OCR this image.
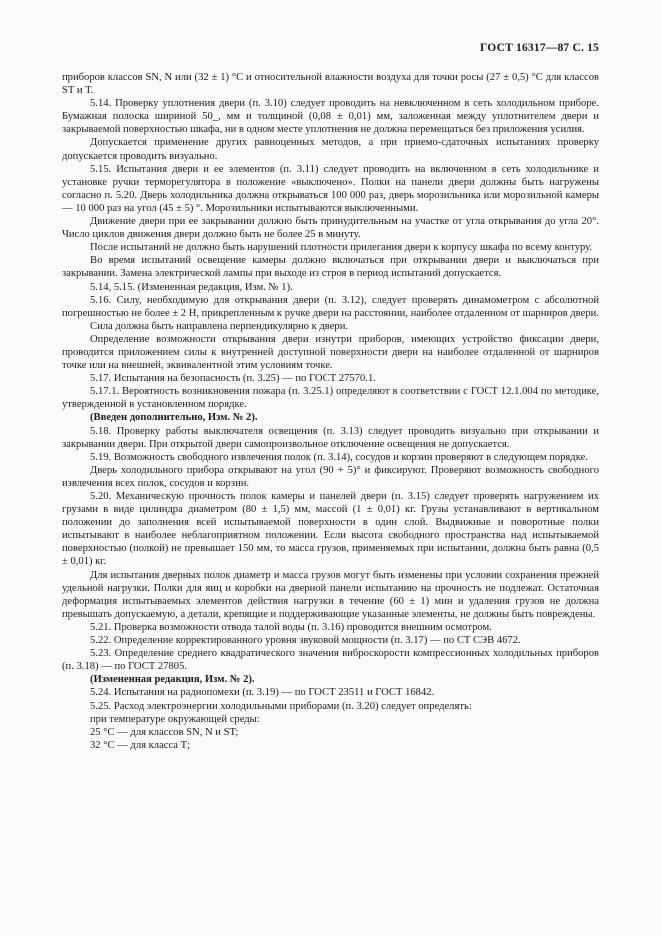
ГОСТ 16317—87 С. 15

приборов классов SN, N или (32 ± 1) °С и относительной влажности воздуха для точки росы (27 ± 0,5) °С для классов ST и Т.

5.14. Проверку уплотнения двери (п. 3.10) следует проводить на невключенном в сеть холодильном приборе. Бумажная полоска шириной 50_, мм и толщиной (0,08 ± 0,01) мм, заложенная между уплотнителем двери и закрываемой поверхностью шкафа, ни в одном месте уплотнения не должна перемещаться без приложения усилия.

Допускается применение других равноценных методов, а при приемо-сдаточных испытаниях проверку допускается проводить визуально.

5.15. Испытания двери и ее элементов (п. 3.11) следует проводить на включенном в сеть холодильнике и установке ручки терморегулятора в положение «выключено». Полки на панели двери должны быть нагружены согласно п. 5.20. Дверь холодильника должна открываться 100 000 раз, дверь морозильника или морозильной камеры — 10 000 раз на угол (45 ± 5) °. Морозильники испытываются выключенными.

Движение двери при ее закрывании должно быть принудительным на участке от угла открывания до угла 20°. Число циклов движения двери должно быть не более 25 в минуту.

После испытаний не должно быть нарушений плотности прилегания двери к корпусу шкафа по всему контуру.

Во время испытаний освещение камеры должно включаться при открывании двери и выключаться при закрывании. Замена электрической лампы при выходе из строя в период испытаний допускается.

5.14, 5.15. (Измененная редакция, Изм. № 1).

5.16. Силу, необходимую для открывания двери (п. 3.12), следует проверять динамометром с абсолютной погрешностью не более ± 2 Н, прикрепленным к ручке двери на расстоянии, наиболее отдаленном от шарниров двери.

Сила должна быть направлена перпендикулярно к двери.

Определение возможности открывания двери изнутри приборов, имеющих устройство фиксации двери, проводится приложением силы к внутренней доступной поверхности двери на наиболее отдаленной от шарниров точке или на внешней, эквивалентной этим условиям точке.

5.17. Испытания на безопасность (п. 3.25) — по ГОСТ 27570.1.

5.17.1. Вероятность возникновения пожара (п. 3.25.1) определяют в соответствии с ГОСТ 12.1.004 по методике, утвержденной в установленном порядке.

(Введен дополнительно, Изм. № 2).

5.18. Проверку работы выключателя освещения (п. 3.13) следует проводить визуально при открывании и закрывании двери. При открытой двери самопроизвольное отключение освещения не допускается.

5.19. Возможность свободного извлечения полок (п. 3.14), сосудов и корзин проверяют в следующем порядке.

Дверь холодильного прибора открывают на угол (90 + 5)° и фиксируют. Проверяют возможность свободного извлечения всех полок, сосудов и корзин.

5.20. Механическую прочность полок камеры и панелей двери (п. 3.15) следует проверять нагружением их грузами в виде цилиндра диаметром (80 ± 1,5) мм, массой (1 ± 0,01) кг. Грузы устанавливают в вертикальном положении до заполнения всей испытываемой поверхности в один слой. Выдвижные и поворотные полки испытывают в наиболее неблагоприятном положении. Если высота свободного пространства над испытываемой поверхностью (полкой) не превышает 150 мм, то масса грузов, применяемых при испытании, должна быть равна (0,5 ± 0,01) кг.

Для испытания дверных полок диаметр и масса грузов могут быть изменены при условии сохранения прежней удельной нагрузки. Полки для яиц и коробки на дверной панели испытанию на прочность не подлежат. Остаточная деформация испытываемых элементов действия нагрузки в течение (60 ± 1) мин и удаления грузов не должна превышать допускаемую, а детали, крепящие и поддерживающие указанные элементы, не должны быть повреждены.

5.21. Проверка возможности отвода талой воды (п. 3.16) проводится внешним осмотром.

5.22. Определение корректированного уровня звуковой мощности (п. 3.17) — по СТ СЭВ 4672.

5.23. Определение среднего квадратического значения виброскорости компрессионных холодильных приборов (п. 3.18) — по ГОСТ 27805.

(Измененная редакция, Изм. № 2).

5.24. Испытания на радиопомехи (п. 3.19) — по ГОСТ 23511 и ГОСТ 16842.

5.25. Расход электроэнергии холодильными приборами (п. 3.20) следует определять:

при температуре окружающей среды:

25 °С — для классов SN, N и ST;

32 °С — для класса Т;
